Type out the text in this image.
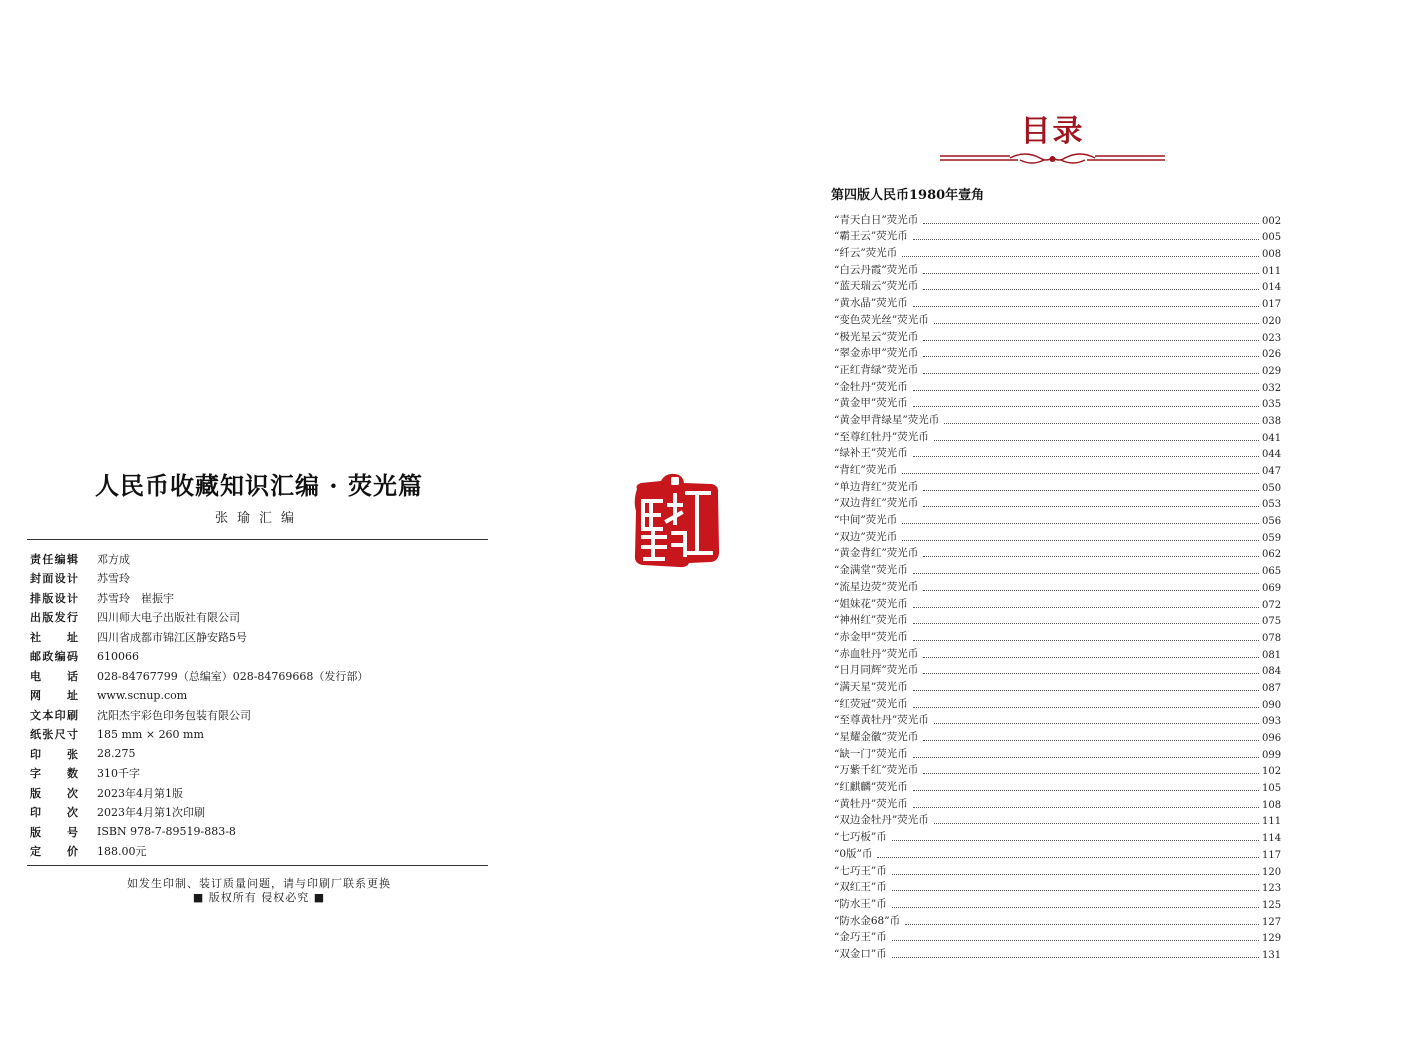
人民币收藏知识汇编 · 荧光篇
张瑜汇编
责任编辑 邓方成
封面设计 苏雪玲
排版设计 苏雪玲　崔振宇
出版发行 四川师大电子出版社有限公司
社址 四川省成都市锦江区静安路5号
邮政编码 610066
电话 028-84767799（总编室）028-84769668（发行部）
网址 www.scnup.com
文本印刷 沈阳杰宇彩色印务包装有限公司
纸张尺寸 185 mm × 260 mm
印张 28.275
字数 310千字
版次 2023年4月第1版
印次 2023年4月第1次印刷
版号 ISBN 978-7-89519-883-8
定价 188.00元
如发生印制、装订质量问题，请与印刷厂联系更换
■ 版权所有 侵权必究 ■
红鸿鹤
目录
第四版人民币1980年壹角
“青天白日”荧光币	002
“霸王云”荧光币	005
“纤云”荧光币	008
“白云丹霞”荧光币	011
“蓝天瑞云”荧光币	014
“黄水晶”荧光币	017
“变色荧光丝”荧光币	020
“极光星云”荧光币	023
“翠金赤甲”荧光币	026
“正红背绿”荧光币	029
“金牡丹”荧光币	032
“黄金甲”荧光币	035
“黄金甲背绿星”荧光币	038
“至尊红牡丹”荧光币	041
“绿补王”荧光币	044
“背红”荧光币	047
“单边背红”荧光币	050
“双边背红”荧光币	053
“中间”荧光币	056
“双边”荧光币	059
“黄金背红”荧光币	062
“金满堂”荧光币	065
“流星边荧”荧光币	069
“姐妹花”荧光币	072
“神州红”荧光币	075
“赤金甲”荧光币	078
“赤血牡丹”荧光币	081
“日月同辉”荧光币	084
“满天星”荧光币	087
“红荧冠”荧光币	090
“至尊黄牡丹”荧光币	093
“星耀金徽”荧光币	096
“缺一门”荧光币	099
“万紫千红”荧光币	102
“红麒麟”荧光币	105
“黄牡丹”荧光币	108
“双边金牡丹”荧光币	111
“七巧板”币	114
“0版”币	117
“七巧王”币	120
“双红王”币	123
“防水王”币	125
“防水金68”币	127
“金巧王”币	129
“双金口”币	131
